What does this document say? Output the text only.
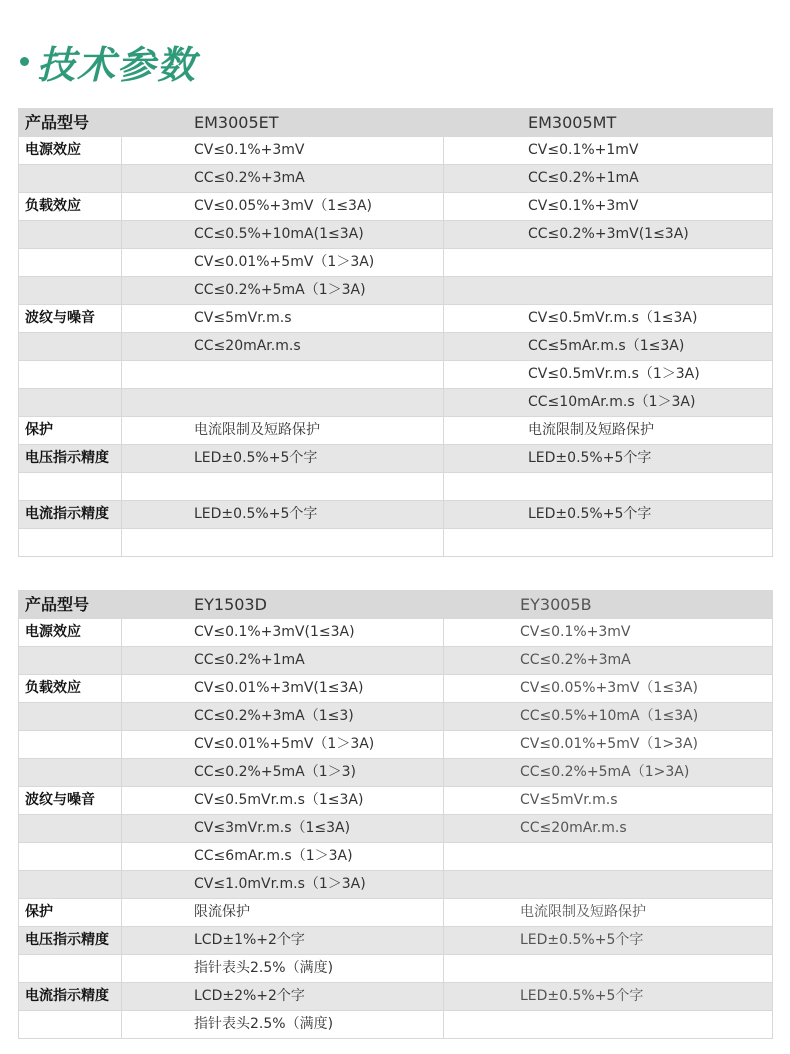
技术参数
产品型号	EM3005ET	EM3005MT
电源效应	CV≤0.1%+3mV	CV≤0.1%+1mV
	CC≤0.2%+3mA	CC≤0.2%+1mA
负载效应	CV≤0.05%+3mV（1≤3A)	CV≤0.1%+3mV
	CC≤0.5%+10mA(1≤3A)	CC≤0.2%+3mV(1≤3A)
	CV≤0.01%+5mV（1＞3A)	
	CC≤0.2%+5mA（1＞3A)	
波纹与噪音	CV≤5mVr.m.s	CV≤0.5mVr.m.s（1≤3A)
	CC≤20mAr.m.s	CC≤5mAr.m.s（1≤3A)
		CV≤0.5mVr.m.s（1＞3A)
		CC≤10mAr.m.s（1＞3A)
保护	电流限制及短路保护	电流限制及短路保护
电压指示精度	LED±0.5%+5个字	LED±0.5%+5个字

电流指示精度	LED±0.5%+5个字	LED±0.5%+5个字

产品型号	EY1503D	EY3005B
电源效应	CV≤0.1%+3mV(1≤3A)	CV≤0.1%+3mV
	CC≤0.2%+1mA	CC≤0.2%+3mA
负载效应	CV≤0.01%+3mV(1≤3A)	CV≤0.05%+3mV（1≤3A)
	CC≤0.2%+3mA（1≤3)	CC≤0.5%+10mA（1≤3A)
	CV≤0.01%+5mV（1＞3A)	CV≤0.01%+5mV（1>3A)
	CC≤0.2%+5mA（1＞3)	CC≤0.2%+5mA（1>3A)
波纹与噪音	CV≤0.5mVr.m.s（1≤3A)	CV≤5mVr.m.s
	CV≤3mVr.m.s（1≤3A)	CC≤20mAr.m.s
	CC≤6mAr.m.s（1＞3A)	
	CV≤1.0mVr.m.s（1＞3A)	
保护	限流保护	电流限制及短路保护
电压指示精度	LCD±1%+2个字	LED±0.5%+5个字
	指针表头2.5%（满度)	
电流指示精度	LCD±2%+2个字	LED±0.5%+5个字
	指针表头2.5%（满度)	
